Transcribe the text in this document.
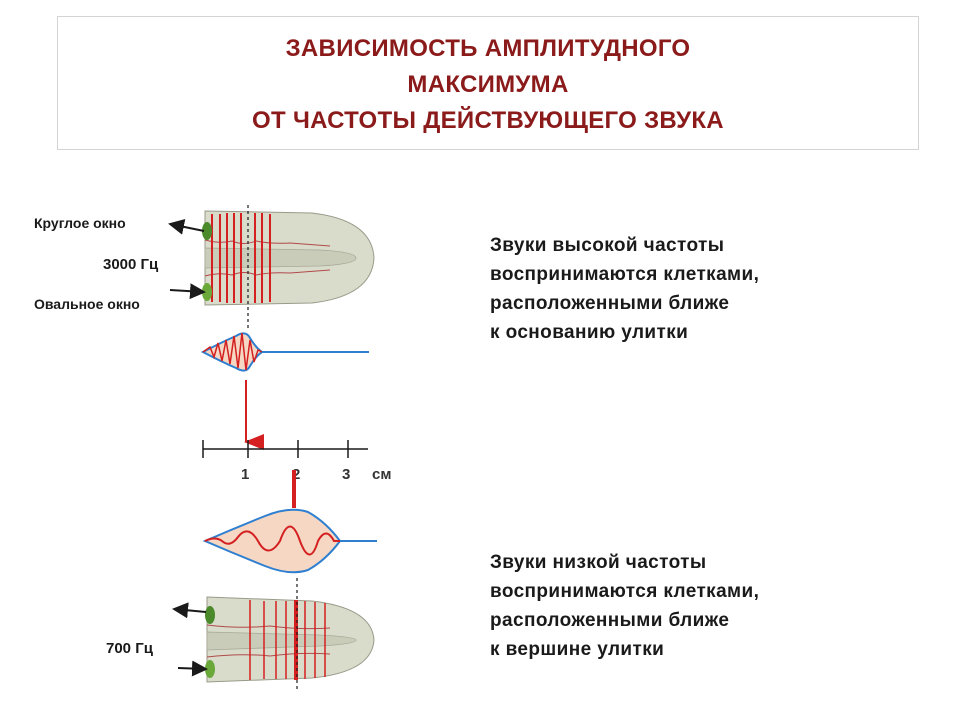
ЗАВИСИМОСТЬ АМПЛИТУДНОГО
МАКСИМУМА
ОТ ЧАСТОТЫ ДЕЙСТВУЮЩЕГО ЗВУКА
Круглое окно
3000 Гц
Овальное окно
700 Гц
Звуки высокой частоты
воспринимаются клетками,
расположенными ближе
к основанию улитки
Звуки низкой частоты
воспринимаются клетками,
расположенными ближе
к вершине улитки
1	2	3 см
